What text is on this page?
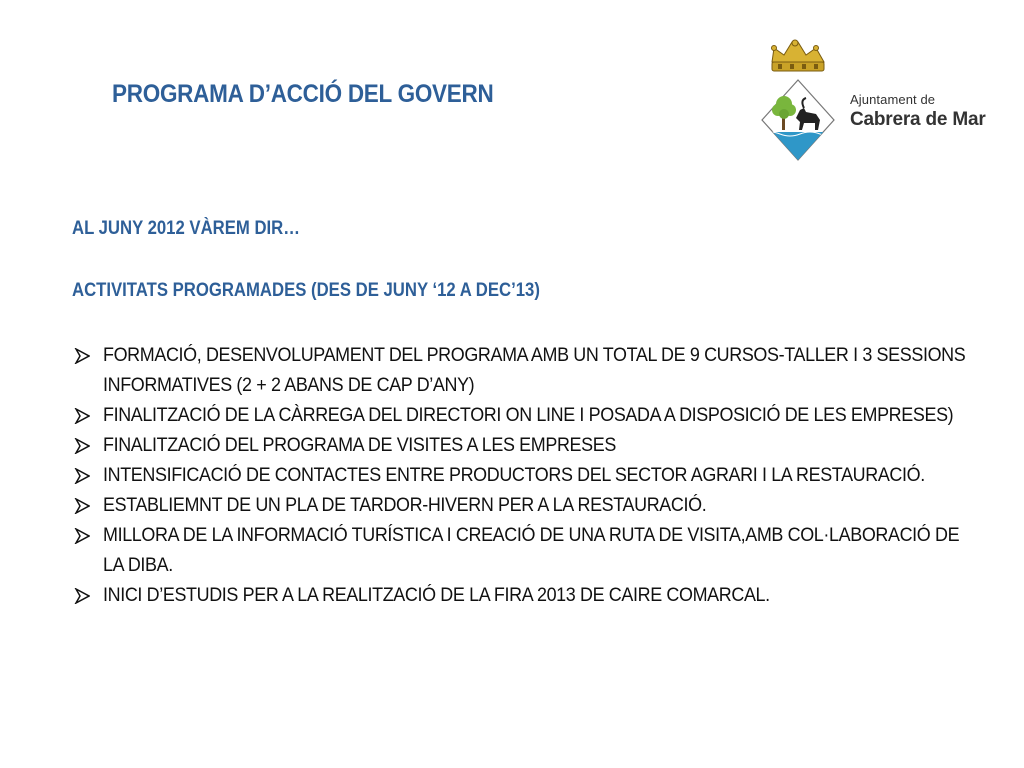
PROGRAMA D’ACCIÓ DEL GOVERN	Ajuntament de
Cabrera de Mar
AL JUNY 2012 VÀREM DIR…
ACTIVITATS PROGRAMADES (DES DE JUNY ‘12 A DEC’13)
FORMACIÓ, DESENVOLUPAMENT DEL PROGRAMA AMB UN TOTAL DE 9 CURSOS-TALLER I 3 SESSIONS INFORMATIVES (2 + 2 ABANS DE CAP D’ANY)
FINALITZACIÓ DE LA CÀRREGA DEL DIRECTORI ON LINE I POSADA A DISPOSICIÓ DE LES EMPRESES)
FINALITZACIÓ DEL PROGRAMA DE VISITES A LES EMPRESES
INTENSIFICACIÓ DE CONTACTES ENTRE PRODUCTORS DEL SECTOR AGRARI I LA RESTAURACIÓ.
ESTABLIEMNT DE UN PLA DE TARDOR-HIVERN PER A LA RESTAURACIÓ.
MILLORA DE LA INFORMACIÓ TURÍSTICA I CREACIÓ DE UNA RUTA DE VISITA,AMB COL·LABORACIÓ DE LA DIBA.
INICI D’ESTUDIS PER A LA REALITZACIÓ DE LA FIRA 2013 DE CAIRE COMARCAL.
